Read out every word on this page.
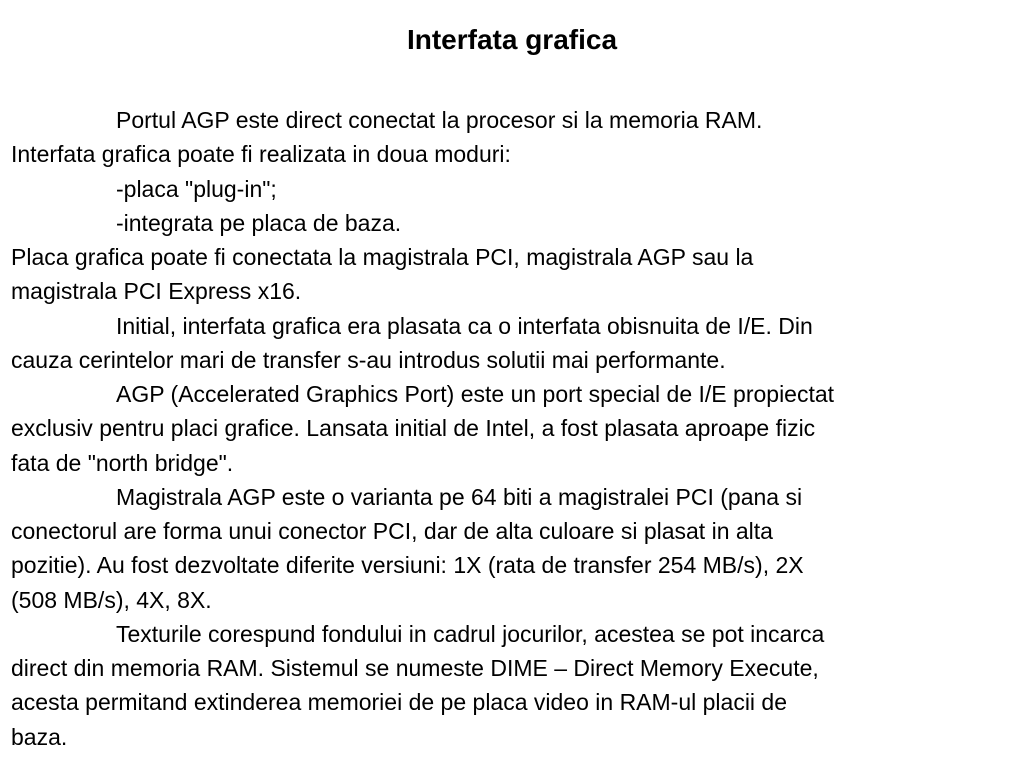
Interfata grafica
Portul AGP este direct conectat la procesor si la memoria RAM.
Interfata grafica poate fi realizata in doua moduri:
-placa "plug-in";
-integrata pe placa de baza.
Placa grafica poate fi conectata la magistrala PCI, magistrala AGP sau la
magistrala PCI Express x16.
Initial, interfata grafica era plasata ca o interfata obisnuita de I/E. Din
cauza cerintelor mari de transfer s-au introdus solutii mai performante.
AGP (Accelerated Graphics Port) este un port special de I/E propiectat
exclusiv pentru placi grafice. Lansata initial de Intel, a fost plasata aproape fizic
fata de "north bridge".
Magistrala AGP este o varianta pe 64 biti a magistralei PCI (pana si
conectorul are forma unui conector PCI, dar de alta culoare si plasat in alta
pozitie). Au fost dezvoltate diferite versiuni: 1X (rata de transfer 254 MB/s), 2X
(508 MB/s), 4X, 8X.
Texturile corespund fondului in cadrul jocurilor, acestea se pot incarca
direct din memoria RAM. Sistemul se numeste DIME – Direct Memory Execute,
acesta permitand extinderea memoriei de pe placa video in RAM-ul placii de
baza.
